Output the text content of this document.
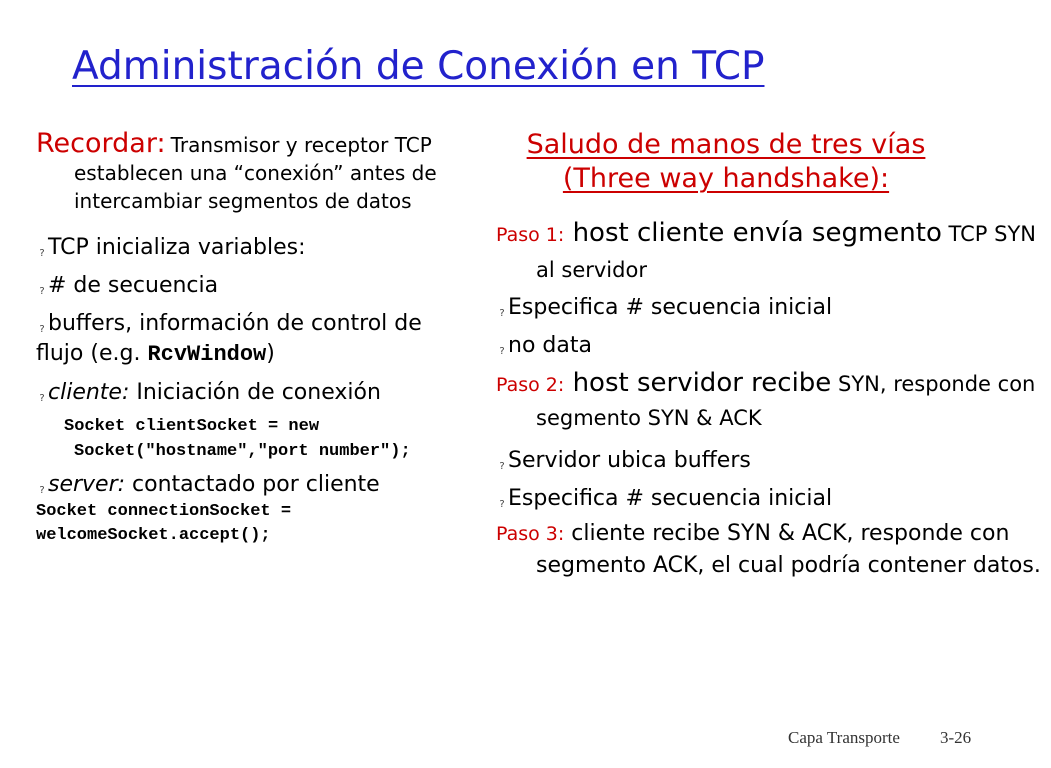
Administración de Conexión en TCP

Recordar: Transmisor y receptor TCP establecen una “conexión” antes de intercambiar segmentos de datos

? TCP inicializa variables:

? # de secuencia

? buffers, información de control de flujo (e.g. RcvWindow)

? cliente: Iniciación de conexión

Socket clientSocket = new Socket("hostname","port number");

? server: contactado por cliente

Socket connectionSocket = welcomeSocket.accept();

Saludo de manos de tres vías
(Three way handshake):

Paso 1: host cliente envía segmento TCP SYN al servidor

? Especifica # secuencia inicial

? no data

Paso 2: host servidor recibe SYN, responde con segmento SYN & ACK

? Servidor ubica buffers

? Especifica # secuencia inicial

Paso 3: cliente recibe SYN & ACK, responde con segmento ACK, el cual podría contener datos.

Capa Transporte 3-26
